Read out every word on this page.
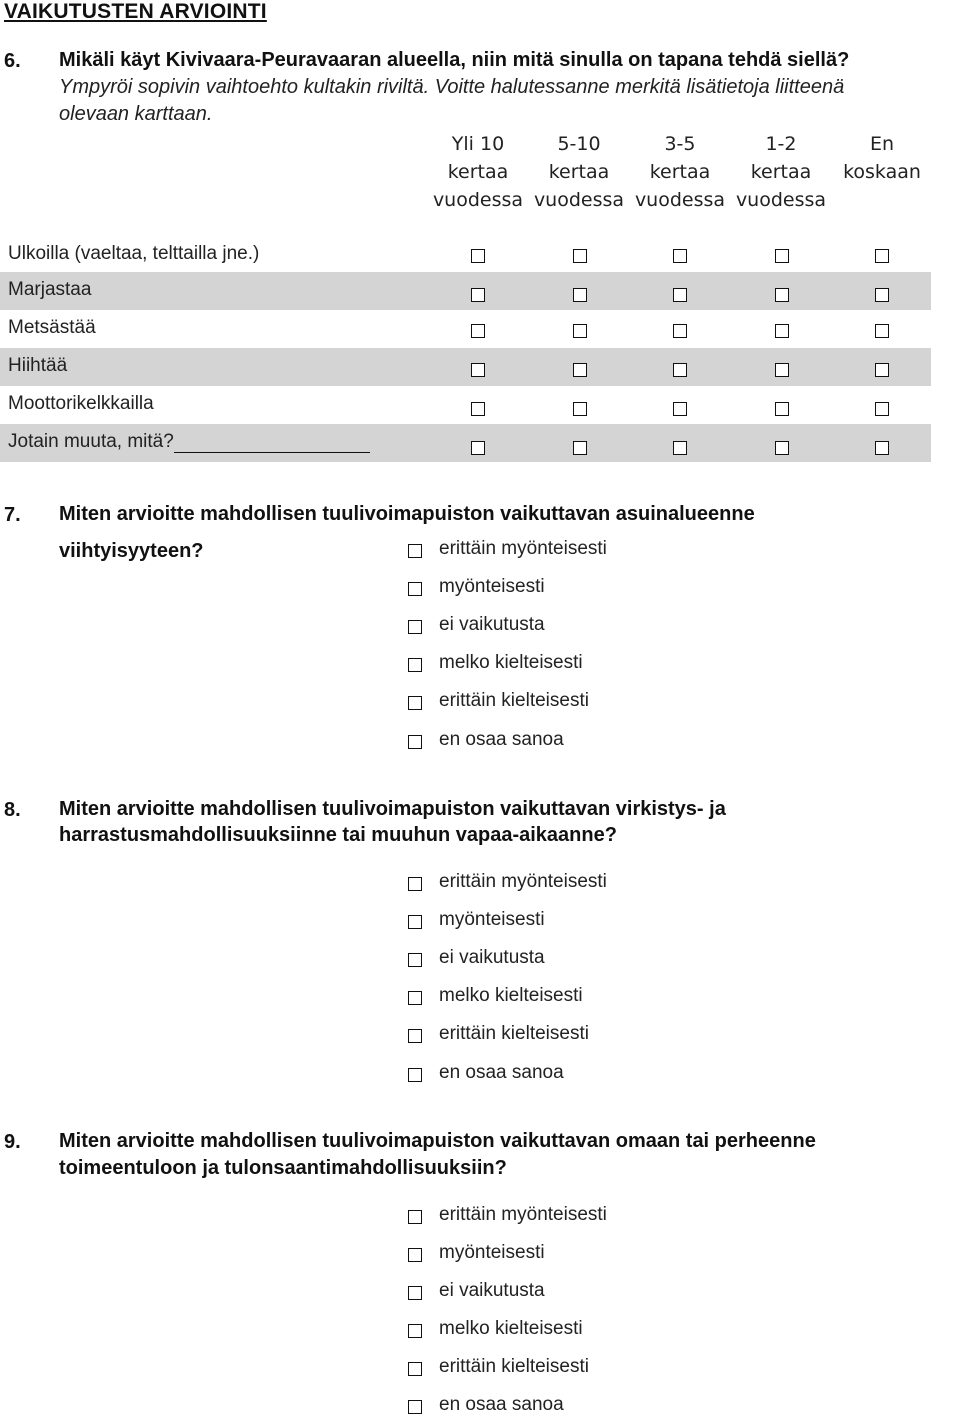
VAIKUTUSTEN ARVIOINTI
6. Mikäli käyt Kivivaara-Peuravaaran alueella, niin mitä sinulla on tapana tehdä siellä?
Ympyröi sopivin vaihtoehto kultakin riviltä. Voitte halutessanne merkitä lisätietoja liitteenä
olevaan karttaan.
Yli 10
kertaa
vuodessa
5-10
kertaa
vuodessa
3-5
kertaa
vuodessa
1-2
kertaa
vuodessa
En
koskaan
Ulkoilla (vaeltaa, telttailla jne.)
Marjastaa
Metsästää
Hiihtää
Moottorikelkkailla
Jotain muuta, mitä?
7. Miten arvioitte mahdollisen tuulivoimapuiston vaikuttavan asuinalueenne
viihtyisyyteen?	erittäin myönteisesti
myönteisesti
ei vaikutusta
melko kielteisesti
erittäin kielteisesti
en osaa sanoa
8. Miten arvioitte mahdollisen tuulivoimapuiston vaikuttavan virkistys- ja
harrastusmahdollisuuksiinne tai muuhun vapaa-aikaanne?
erittäin myönteisesti
myönteisesti
ei vaikutusta
melko kielteisesti
erittäin kielteisesti
en osaa sanoa
9. Miten arvioitte mahdollisen tuulivoimapuiston vaikuttavan omaan tai perheenne
toimeentuloon ja tulonsaantimahdollisuuksiin?
erittäin myönteisesti
myönteisesti
ei vaikutusta
melko kielteisesti
erittäin kielteisesti
en osaa sanoa
